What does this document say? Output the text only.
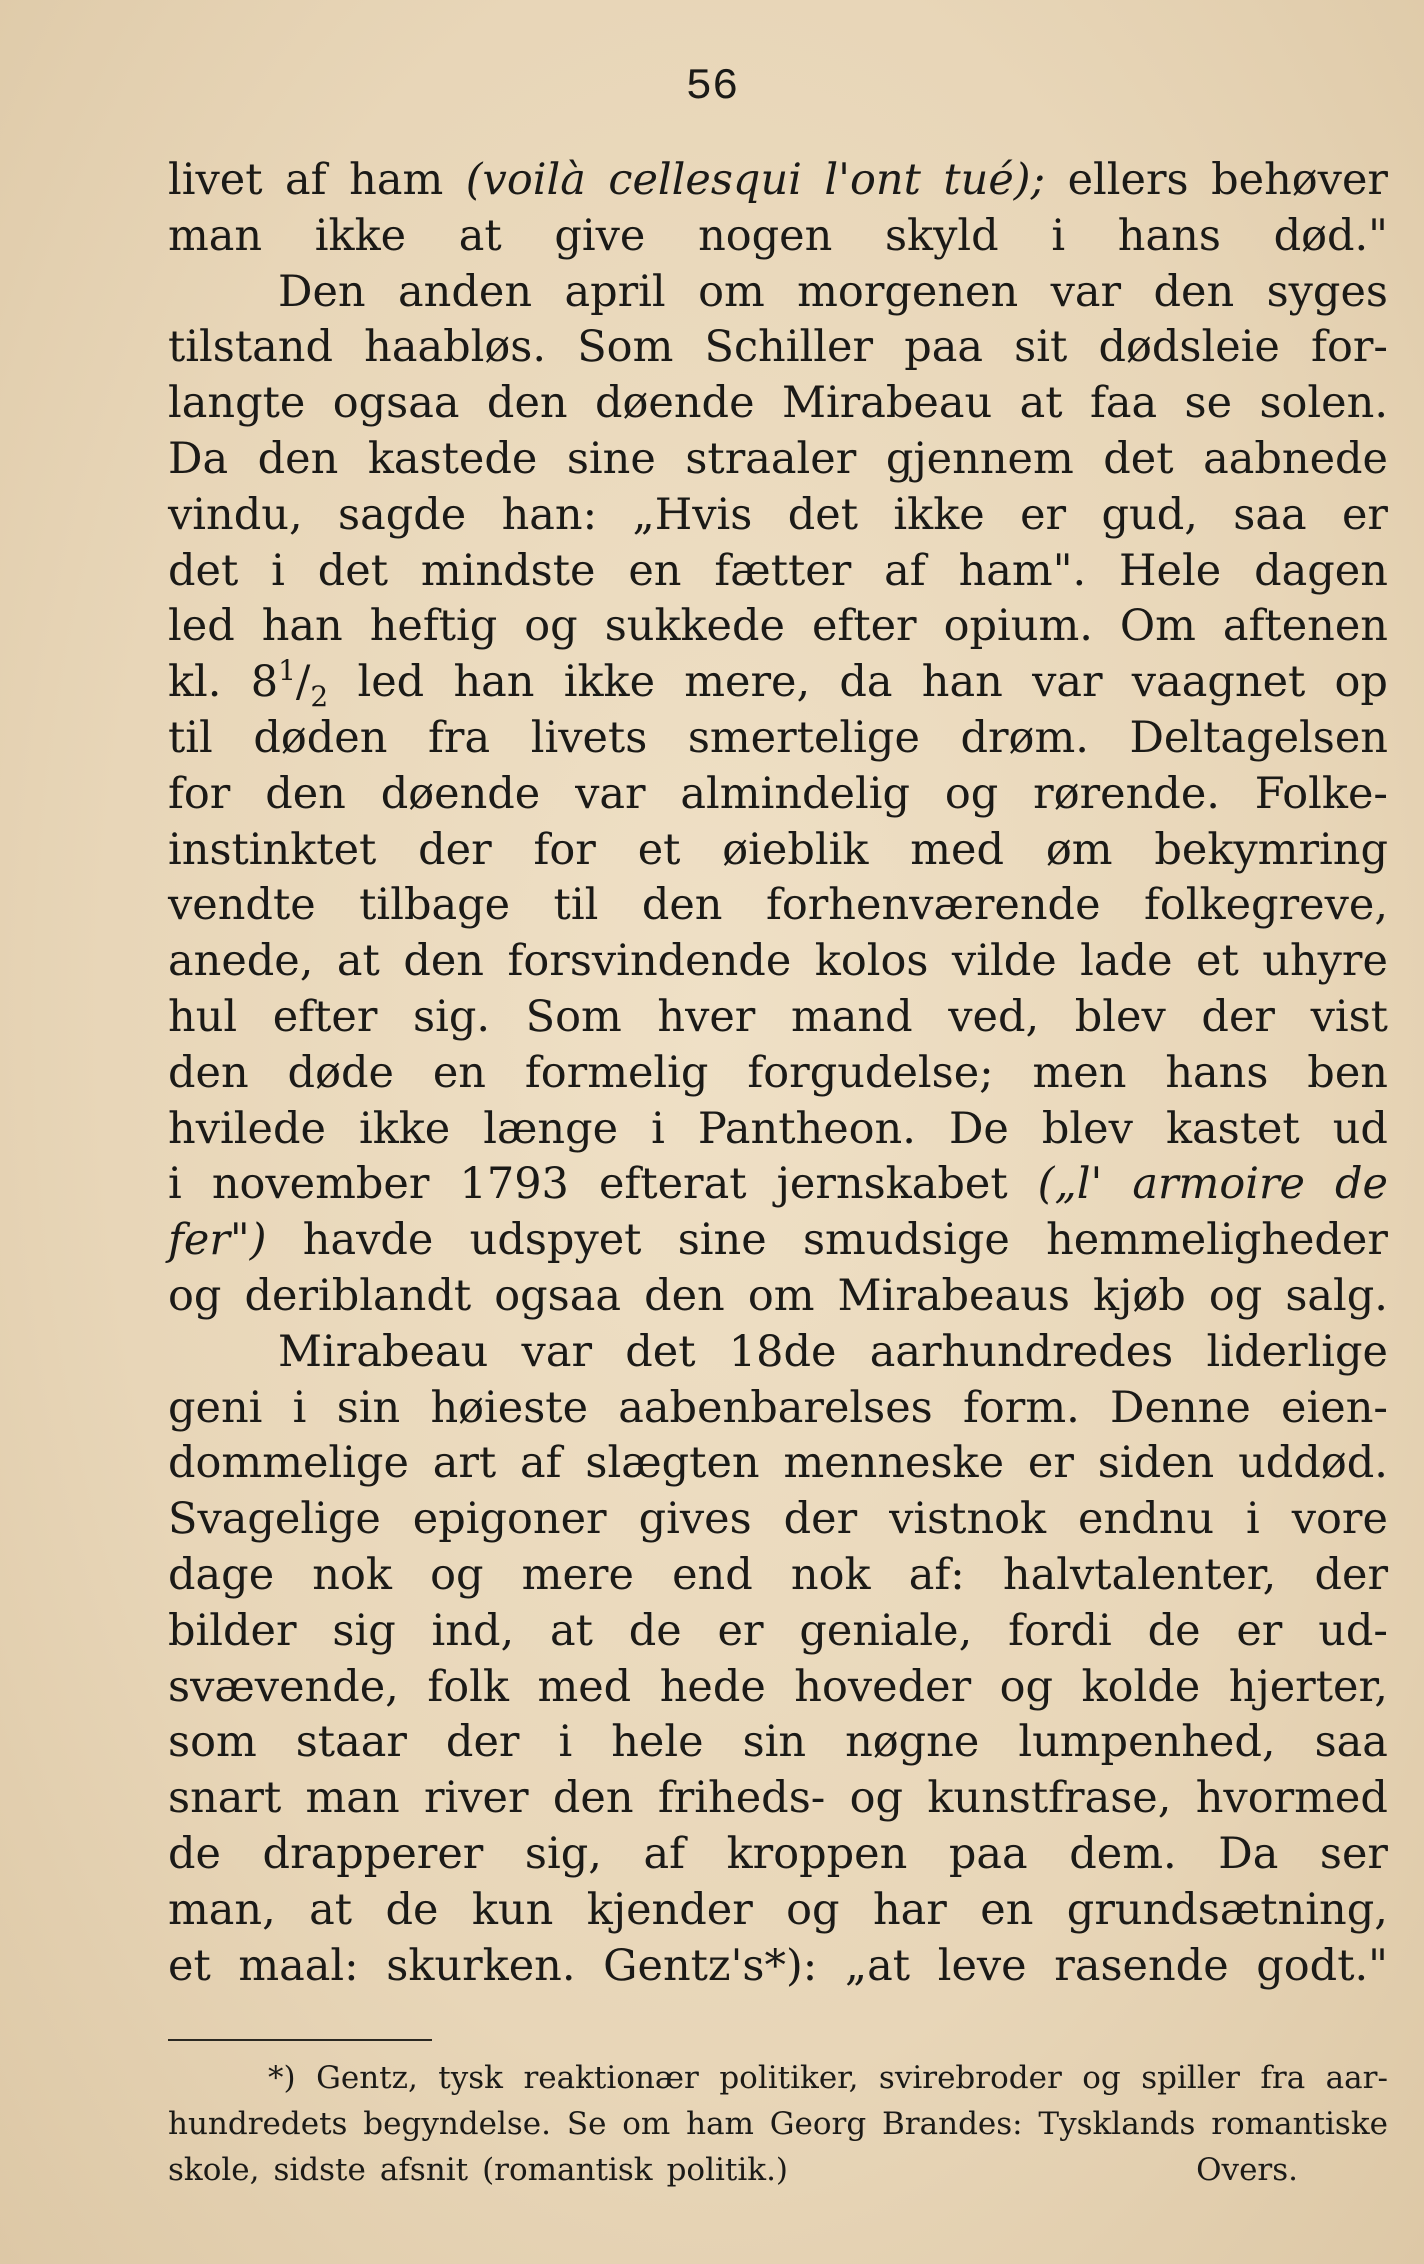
56
livet af ham (voilà cellesqui l'ont tué); ellers behøver
man ikke at give nogen skyld i hans død."
Den anden april om morgenen var den syges
tilstand haabløs. Som Schiller paa sit dødsleie for-
langte ogsaa den døende Mirabeau at faa se solen.
Da den kastede sine straaler gjennem det aabnede
vindu, sagde han: „Hvis det ikke er gud, saa er
det i det mindste en fætter af ham". Hele dagen
led han heftig og sukkede efter opium. Om aftenen
kl. 81/2 led han ikke mere, da han var vaagnet op
til døden fra livets smertelige drøm. Deltagelsen
for den døende var almindelig og rørende. Folke-
instinktet der for et øieblik med øm bekymring
vendte tilbage til den forhenværende folkegreve,
anede, at den forsvindende kolos vilde lade et uhyre
hul efter sig. Som hver mand ved, blev der vist
den døde en formelig forgudelse; men hans ben
hvilede ikke længe i Pantheon. De blev kastet ud
i november 1793 efterat jernskabet („l' armoire de
fer") havde udspyet sine smudsige hemmeligheder
og deriblandt ogsaa den om Mirabeaus kjøb og salg.
Mirabeau var det 18de aarhundredes liderlige
geni i sin høieste aabenbarelses form. Denne eien-
dommelige art af slægten menneske er siden uddød.
Svagelige epigoner gives der vistnok endnu i vore
dage nok og mere end nok af: halvtalenter, der
bilder sig ind, at de er geniale, fordi de er ud-
svævende, folk med hede hoveder og kolde hjerter,
som staar der i hele sin nøgne lumpenhed, saa
snart man river den friheds- og kunstfrase, hvormed
de drapperer sig, af kroppen paa dem. Da ser
man, at de kun kjender og har en grundsætning,
et maal: skurken. Gentz's*): „at leve rasende godt."
*) Gentz, tysk reaktionær politiker, svirebroder og spiller fra aar-
hundredets begyndelse. Se om ham Georg Brandes: Tysklands romantiske
skole, sidste afsnit (romantisk politik.)	Overs.
